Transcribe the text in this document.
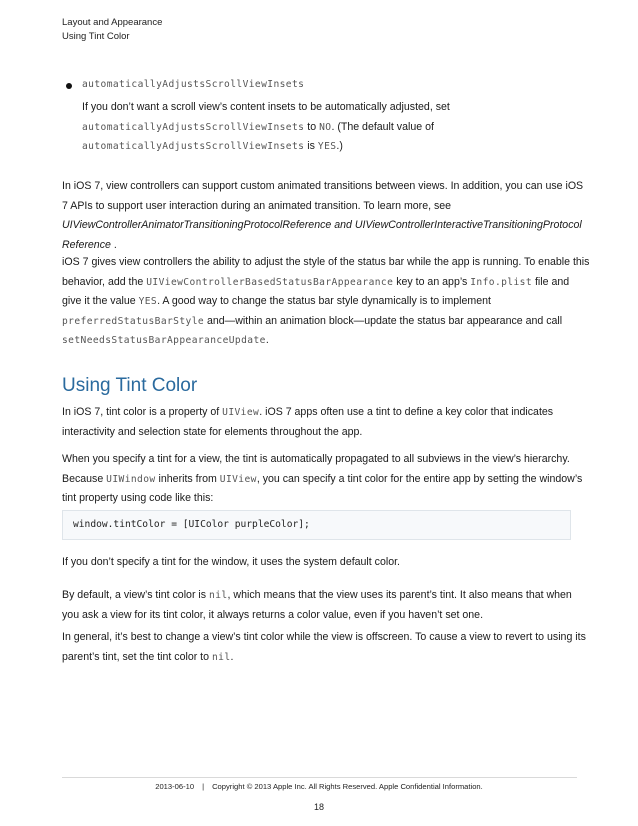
Layout and Appearance
Using Tint Color
automaticallyAdjustsScrollViewInsets
If you don’t want a scroll view’s content insets to be automatically adjusted, set
automaticallyAdjustsScrollViewInsets to NO. (The default value of
automaticallyAdjustsScrollViewInsets is YES.)
In iOS 7, view controllers can support custom animated transitions between views. In addition, you can use iOS 7 APIs to support user interaction during an animated transition. To learn more, see UIViewControllerAnimatorTransitioningProtocolReference and UIViewControllerInteractiveTransitioningProtocol Reference .
iOS 7 gives view controllers the ability to adjust the style of the status bar while the app is running. To enable this behavior, add the UIViewControllerBasedStatusBarAppearance key to an app’s Info.plist file and give it the value YES. A good way to change the status bar style dynamically is to implement preferredStatusBarStyle and—within an animation block—update the status bar appearance and call setNeedsStatusBarAppearanceUpdate.
Using Tint Color
In iOS 7, tint color is a property of UIView. iOS 7 apps often use a tint to define a key color that indicates interactivity and selection state for elements throughout the app.
When you specify a tint for a view, the tint is automatically propagated to all subviews in the view’s hierarchy. Because UIWindow inherits from UIView, you can specify a tint color for the entire app by setting the window’s tint property using code like this:
window.tintColor = [UIColor purpleColor];
If you don’t specify a tint for the window, it uses the system default color.
By default, a view’s tint color is nil, which means that the view uses its parent’s tint. It also means that when you ask a view for its tint color, it always returns a color value, even if you haven’t set one.
In general, it’s best to change a view’s tint color while the view is offscreen. To cause a view to revert to using its parent’s tint, set the tint color to nil.
2013-06-10 | Copyright © 2013 Apple Inc. All Rights Reserved. Apple Confidential Information.
18
